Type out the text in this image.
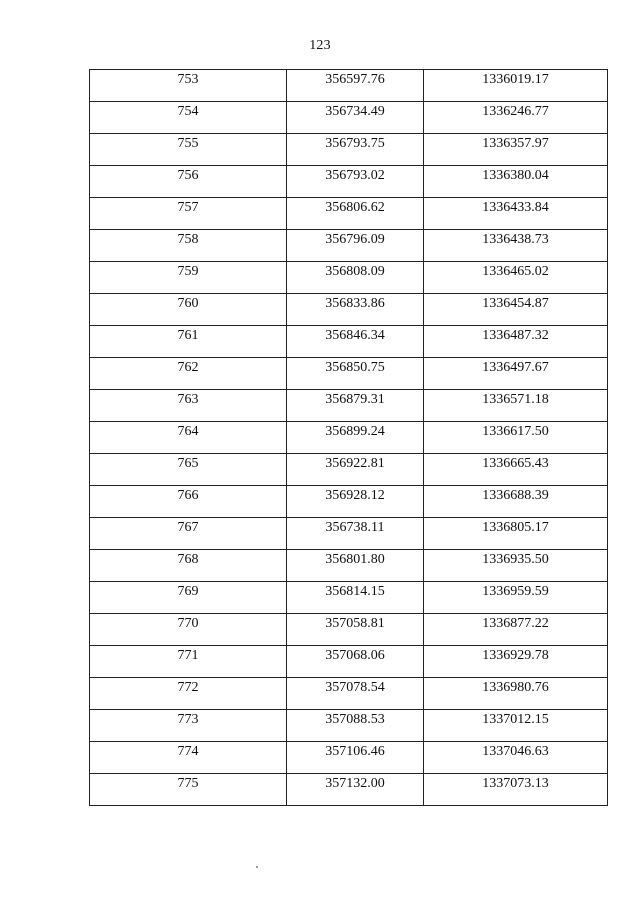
123
753	356597.76	1336019.17
754	356734.49	1336246.77
755	356793.75	1336357.97
756	356793.02	1336380.04
757	356806.62	1336433.84
758	356796.09	1336438.73
759	356808.09	1336465.02
760	356833.86	1336454.87
761	356846.34	1336487.32
762	356850.75	1336497.67
763	356879.31	1336571.18
764	356899.24	1336617.50
765	356922.81	1336665.43
766	356928.12	1336688.39
767	356738.11	1336805.17
768	356801.80	1336935.50
769	356814.15	1336959.59
770	357058.81	1336877.22
771	357068.06	1336929.78
772	357078.54	1336980.76
773	357088.53	1337012.15
774	357106.46	1337046.63
775	357132.00	1337073.13
